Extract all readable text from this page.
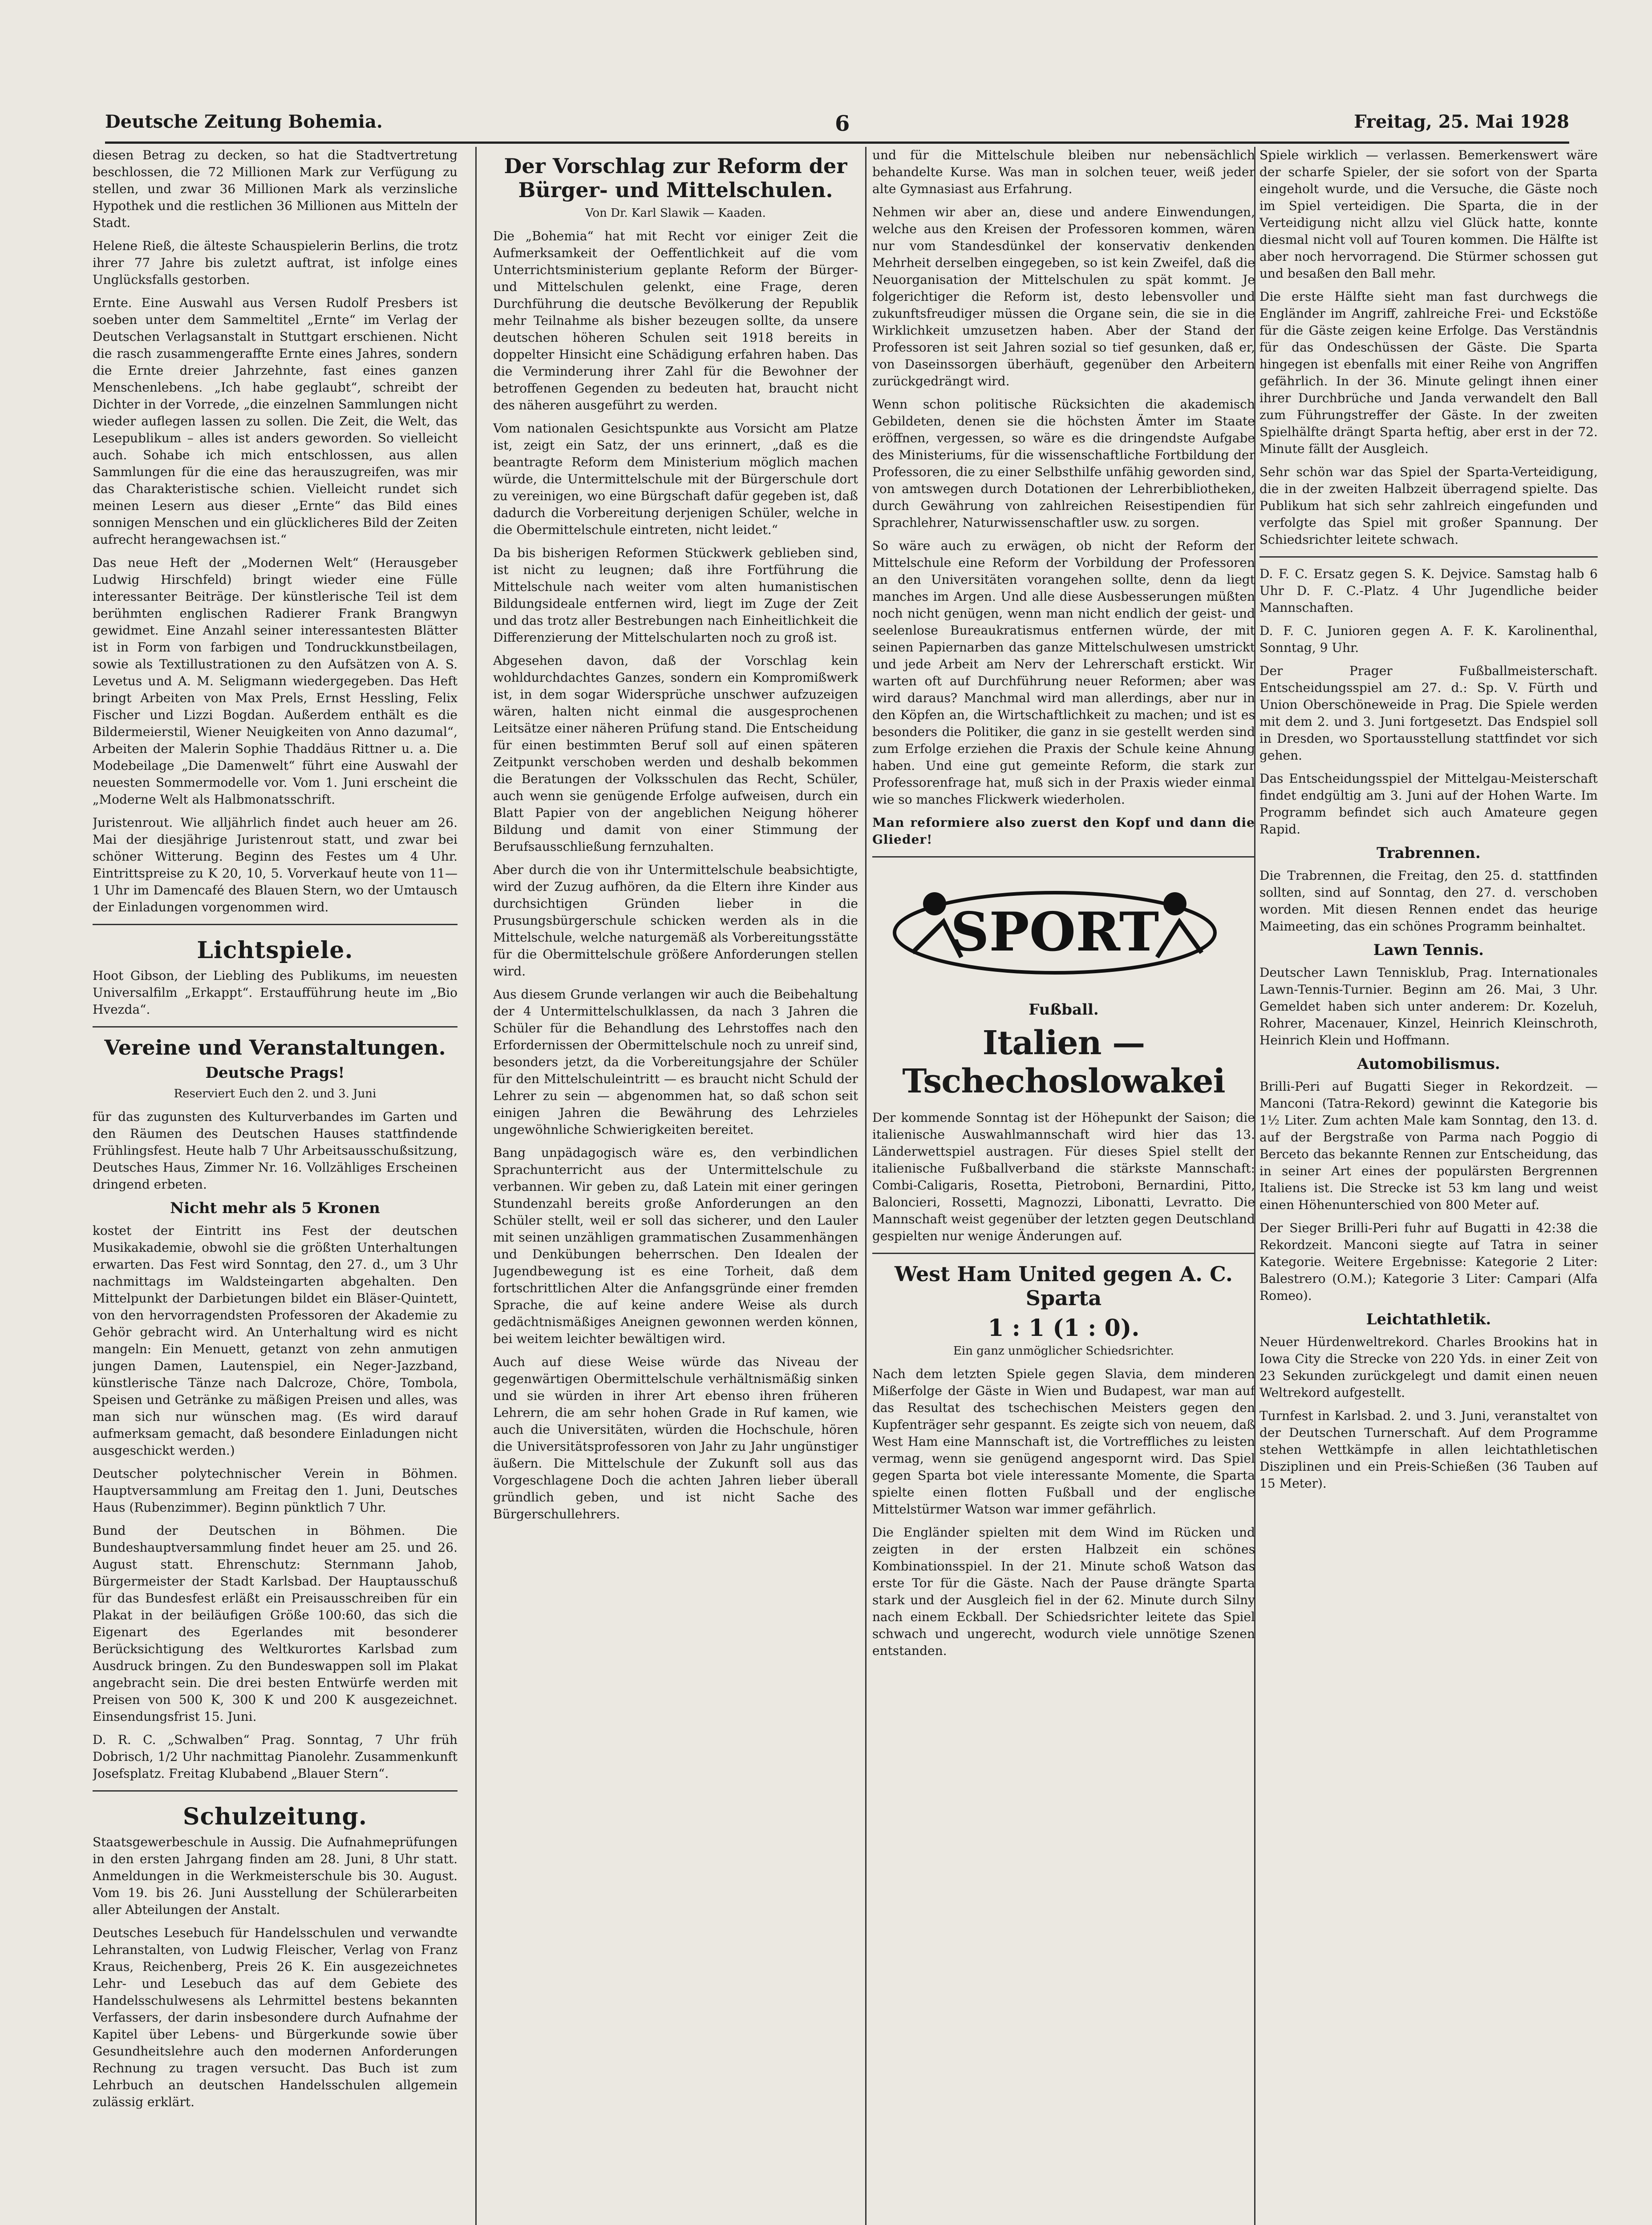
Deutsche Zeitung Bohemia.	6	Freitag, 25. Mai 1928

diesen Betrag zu decken, so hat die Stadtvertretung beschlossen, die 72 Millionen Mark zur Verfügung zu stellen, und zwar 36 Millionen Mark als verzinsliche Hypothek und die restlichen 36 Millionen aus Mitteln der Stadt.

Helene Rieß, die älteste Schauspielerin Berlins, die trotz ihrer 77 Jahre bis zuletzt auftrat, ist infolge eines Unglücksfalls gestorben.

Ernte. Eine Auswahl aus Versen Rudolf Presbers ist soeben unter dem Sammeltitel „Ernte“ im Verlag der Deutschen Verlagsanstalt in Stuttgart erschienen. Nicht die rasch zusammengeraffte Ernte eines Jahres, sondern die Ernte dreier Jahrzehnte, fast eines ganzen Menschenlebens. „Ich habe geglaubt“, schreibt der Dichter in der Vorrede, „die einzelnen Sammlungen nicht wieder auflegen lassen zu sollen. Die Zeit, die Welt, das Lesepublikum – alles ist anders geworden. So vielleicht auch. Sohabe ich mich entschlossen, aus allen Sammlungen für die eine das herauszugreifen, was mir das Charakteristische schien. Vielleicht rundet sich meinen Lesern aus dieser „Ernte“ das Bild eines sonnigen Menschen und ein glücklicheres Bild der Zeiten aufrecht herangewachsen ist.“

Das neue Heft der „Modernen Welt“ (Herausgeber Ludwig Hirschfeld) bringt wieder eine Fülle interessanter Beiträge. Der künstlerische Teil ist dem berühmten englischen Radierer Frank Brangwyn gewidmet. Eine Anzahl seiner interessantesten Blätter ist in Form von farbigen und Tondruckkunstbeilagen, sowie als Textillustrationen zu den Aufsätzen von A. S. Levetus und A. M. Seligmann wiedergegeben. Das Heft bringt Arbeiten von Max Prels, Ernst Hessling, Felix Fischer und Lizzi Bogdan. Außerdem enthält es die Bildermeierstil, Wiener Neuigkeiten von Anno dazumal“, Arbeiten der Malerin Sophie Thaddäus Rittner u. a. Die Modebeilage „Die Damenwelt“ führt eine Auswahl der neuesten Sommermodelle vor. Vom 1. Juni erscheint die „Moderne Welt als Halbmonatsschrift.

Juristenrout. Wie alljährlich findet auch heuer am 26. Mai der diesjährige Juristenrout statt, und zwar bei schöner Witterung. Beginn des Festes um 4 Uhr. Eintrittspreise zu K 20, 10, 5. Vorverkauf heute von 11—1 Uhr im Damencafé des Blauen Stern, wo der Umtausch der Einladungen vorgenommen wird.

Lichtspiele.

Hoot Gibson, der Liebling des Publikums, im neuesten Universalfilm „Erkappt“. Erstaufführung heute im „Bio Hvezda“.

Vereine und Veranstaltungen.
Deutsche Prags!
Reserviert Euch den 2. und 3. Juni

für das zugunsten des Kulturverbandes im Garten und den Räumen des Deutschen Hauses stattfindende Frühlingsfest. Heute halb 7 Uhr Arbeitsausschußsitzung, Deutsches Haus, Zimmer Nr. 16. Vollzähliges Erscheinen dringend erbeten.

Nicht mehr als 5 Kronen

kostet der Eintritt ins Fest der deutschen Musikakademie, obwohl sie die größten Unterhaltungen erwarten. Das Fest wird Sonntag, den 27. d., um 3 Uhr nachmittags im Waldsteingarten abgehalten. Den Mittelpunkt der Darbietungen bildet ein Bläser-Quintett, von den hervorragendsten Professoren der Akademie zu Gehör gebracht wird. An Unterhaltung wird es nicht mangeln: Ein Menuett, getanzt von zehn anmutigen jungen Damen, Lautenspiel, ein Neger-Jazzband, künstlerische Tänze nach Dalcroze, Chöre, Tombola, Speisen und Getränke zu mäßigen Preisen und alles, was man sich nur wünschen mag. (Es wird darauf aufmerksam gemacht, daß besondere Einladungen nicht ausgeschickt werden.)

Deutscher polytechnischer Verein in Böhmen. Hauptversammlung am Freitag den 1. Juni, Deutsches Haus (Rubenzimmer). Beginn pünktlich 7 Uhr.

Bund der Deutschen in Böhmen. Die Bundeshauptversammlung findet heuer am 25. und 26. August statt. Ehrenschutz: Sternmann Jahob, Bürgermeister der Stadt Karlsbad. Der Hauptausschuß für das Bundesfest erläßt ein Preisausschreiben für ein Plakat in der beiläufigen Größe 100:60, das sich die Eigenart des Egerlandes mit besonderer Berücksichtigung des Weltkurortes Karlsbad zum Ausdruck bringen. Zu den Bundeswappen soll im Plakat angebracht sein. Die drei besten Entwürfe werden mit Preisen von 500 K, 300 K und 200 K ausgezeichnet. Einsendungsfrist 15. Juni.

D. R. C. „Schwalben“ Prag. Sonntag, 7 Uhr früh Dobrisch, 1/2 Uhr nachmittag Pianolehr. Zusammenkunft Josefsplatz. Freitag Klubabend „Blauer Stern“.

Schulzeitung.

Staatsgewerbeschule in Aussig. Die Aufnahmeprüfungen in den ersten Jahrgang finden am 28. Juni, 8 Uhr statt. Anmeldungen in die Werkmeisterschule bis 30. August. Vom 19. bis 26. Juni Ausstellung der Schülerarbeiten aller Abteilungen der Anstalt.

Deutsches Lesebuch für Handelsschulen und verwandte Lehranstalten, von Ludwig Fleischer, Verlag von Franz Kraus, Reichenberg, Preis 26 K. Ein ausgezeichnetes Lehr- und Lesebuch das auf dem Gebiete des Handelsschulwesens als Lehrmittel bestens bekannten Verfassers, der darin insbesondere durch Aufnahme der Kapitel über Lebens- und Bürgerkunde sowie über Gesundheitslehre auch den modernen Anforderungen Rechnung zu tragen versucht. Das Buch ist zum Lehrbuch an deutschen Handelsschulen allgemein zulässig erklärt.

Der Vorschlag zur Reform der Bürger- und Mittelschulen.
Von Dr. Karl Slawik — Kaaden.

Die „Bohemia“ hat mit Recht vor einiger Zeit die Aufmerksamkeit der Oeffentlichkeit auf die vom Unterrichtsministerium geplante Reform der Bürger- und Mittelschulen gelenkt, eine Frage, deren Durchführung die deutsche Bevölkerung der Republik mehr Teilnahme als bisher bezeugen sollte, da unsere deutschen höheren Schulen seit 1918 bereits in doppelter Hinsicht eine Schädigung erfahren haben. Das die Verminderung ihrer Zahl für die Bewohner der betroffenen Gegenden zu bedeuten hat, braucht nicht des näheren ausgeführt zu werden.

Vom nationalen Gesichtspunkte aus Vorsicht am Platze ist, zeigt ein Satz, der uns erinnert, „daß es die beantragte Reform dem Ministerium möglich machen würde, die Untermittelschule mit der Bürgerschule dort zu vereinigen, wo eine Bürgschaft dafür gegeben ist, daß dadurch die Vorbereitung derjenigen Schüler, welche in die Obermittelschule eintreten, nicht leidet.“

Da bis bisherigen Reformen Stückwerk geblieben sind, ist nicht zu leugnen; daß ihre Fortführung die Mittelschule nach weiter vom alten humanistischen Bildungsideale entfernen wird, liegt im Zuge der Zeit und das trotz aller Bestrebungen nach Einheitlichkeit die Differenzierung der Mittelschularten noch zu groß ist.

Abgesehen davon, daß der Vorschlag kein wohldurchdachtes Ganzes, sondern ein Kompromißwerk ist, in dem sogar Widersprüche unschwer aufzuzeigen wären, halten nicht einmal die ausgesprochenen Leitsätze einer näheren Prüfung stand. Die Entscheidung für einen bestimmten Beruf soll auf einen späteren Zeitpunkt verschoben werden und deshalb bekommen die Beratungen der Volksschulen das Recht, Schüler, auch wenn sie genügende Erfolge aufweisen, durch ein Blatt Papier von der angeblichen Neigung höherer Bildung und damit von einer Stimmung der Berufsausschließung fernzuhalten.

Aber durch die von ihr Untermittelschule beabsichtigte, wird der Zuzug aufhören, da die Eltern ihre Kinder aus durchsichtigen Gründen lieber in die Prusungsbürgerschule schicken werden als in die Mittelschule, welche naturgemäß als Vorbereitungsstätte für die Obermittelschule größere Anforderungen stellen wird.

Aus diesem Grunde verlangen wir auch die Beibehaltung der 4 Untermittelschulklassen, da nach 3 Jahren die Schüler für die Behandlung des Lehrstoffes nach den Erfordernissen der Obermittelschule noch zu unreif sind, besonders jetzt, da die Vorbereitungsjahre der Schüler für den Mittelschuleintritt — es braucht nicht Schuld der Lehrer zu sein — abgenommen hat, so daß schon seit einigen Jahren die Bewährung des Lehrzieles ungewöhnliche Schwierigkeiten bereitet.

Bang unpädagogisch wäre es, den verbindlichen Sprachunterricht aus der Untermittelschule zu verbannen. Wir geben zu, daß Latein mit einer geringen Stundenzahl bereits große Anforderungen an den Schüler stellt, weil er soll das sicherer, und den Lauler mit seinen unzähligen grammatischen Zusammenhängen und Denkübungen beherrschen. Den Idealen der Jugendbewegung ist es eine Torheit, daß dem fortschrittlichen Alter die Anfangsgründe einer fremden Sprache, die auf keine andere Weise als durch gedächtnismäßiges Aneignen gewonnen werden können, bei weitem leichter bewältigen wird.

Auch auf diese Weise würde das Niveau der gegenwärtigen Obermittelschule verhältnismäßig sinken und sie würden in ihrer Art ebenso ihren früheren Lehrern, die am sehr hohen Grade in Ruf kamen, wie auch die Universitäten, würden die Hochschule, hören die Universitätsprofessoren von Jahr zu Jahr ungünstiger äußern. Die Mittelschule der Zukunft soll aus das Vorgeschlagene Doch die achten Jahren lieber überall gründlich geben, und ist nicht Sache des Bürgerschullehrers.

und für die Mittelschule bleiben nur nebensächlich behandelte Kurse. Was man in solchen teuer, weiß jeder alte Gymnasiast aus Erfahrung.

Nehmen wir aber an, diese und andere Einwendungen, welche aus den Kreisen der Professoren kommen, wären nur vom Standesdünkel der konservativ denkenden Mehrheit derselben eingegeben, so ist kein Zweifel, daß die Neuorganisation der Mittelschulen zu spät kommt. Je folgerichtiger die Reform ist, desto lebensvoller und zukunftsfreudiger müssen die Organe sein, die sie in die Wirklichkeit umzusetzen haben. Aber der Stand der Professoren ist seit Jahren sozial so tief gesunken, daß er, von Daseinssorgen überhäuft, gegenüber den Arbeitern zurückgedrängt wird.

Wenn schon politische Rücksichten die akademisch Gebildeten, denen sie die höchsten Ämter im Staate eröffnen, vergessen, so wäre es die dringendste Aufgabe des Ministeriums, für die wissenschaftliche Fortbildung der Professoren, die zu einer Selbsthilfe unfähig geworden sind, von amtswegen durch Dotationen der Lehrerbibliotheken, durch Gewährung von zahlreichen Reisestipendien für Sprachlehrer, Naturwissenschaftler usw. zu sorgen.

So wäre auch zu erwägen, ob nicht der Reform der Mittelschule eine Reform der Vorbildung der Professoren an den Universitäten vorangehen sollte, denn da liegt manches im Argen. Und alle diese Ausbesserungen müßten noch nicht genügen, wenn man nicht endlich der geist- und seelenlose Bureaukratismus entfernen würde, der mit seinen Papiernarben das ganze Mittelschulwesen umstrickt und jede Arbeit am Nerv der Lehrerschaft erstickt. Wir warten oft auf Durchführung neuer Reformen; aber was wird daraus? Manchmal wird man allerdings, aber nur in den Köpfen an, die Wirtschaftlichkeit zu machen; und ist es besonders die Politiker, die ganz in sie gestellt werden sind zum Erfolge erziehen die Praxis der Schule keine Ahnung haben. Und eine gut gemeinte Reform, die stark zur Professorenfrage hat, muß sich in der Praxis wieder einmal wie so manches Flickwerk wiederholen.

Man reformiere also zuerst den Kopf und dann die Glieder!

SPORT
Fußball.
Italien — Tschechoslowakei

Der kommende Sonntag ist der Höhepunkt der Saison; die italienische Auswahlmannschaft wird hier das 13. Länderwettspiel austragen. Für dieses Spiel stellt der italienische Fußballverband die stärkste Mannschaft: Combi-Caligaris, Rosetta, Pietroboni, Bernardini, Pitto, Baloncieri, Rossetti, Magnozzi, Libonatti, Levratto. Die Mannschaft weist gegenüber der letzten gegen Deutschland gespielten nur wenige Änderungen auf.

West Ham United gegen A. C. Sparta
1 : 1 (1 : 0).
Ein ganz unmöglicher Schiedsrichter.

Nach dem letzten Spiele gegen Slavia, dem minderen Mißerfolge der Gäste in Wien und Budapest, war man auf das Resultat des tschechischen Meisters gegen den Kupfenträger sehr gespannt. Es zeigte sich von neuem, daß West Ham eine Mannschaft ist, die Vortreffliches zu leisten vermag, wenn sie genügend angespornt wird. Das Spiel gegen Sparta bot viele interessante Momente, die Sparta spielte einen flotten Fußball und der englische Mittelstürmer Watson war immer gefährlich.

Die Engländer spielten mit dem Wind im Rücken und zeigten in der ersten Halbzeit ein schönes Kombinationsspiel. In der 21. Minute schoß Watson das erste Tor für die Gäste. Nach der Pause drängte Sparta stark und der Ausgleich fiel in der 62. Minute durch Silny nach einem Eckball. Der Schiedsrichter leitete das Spiel schwach und ungerecht, wodurch viele unnötige Szenen entstanden.

Spiele wirklich — verlassen. Bemerkenswert wäre der scharfe Spieler, der sie sofort von der Sparta eingeholt wurde, und die Versuche, die Gäste noch im Spiel verteidigen. Die Sparta, die in der Verteidigung nicht allzu viel Glück hatte, konnte diesmal nicht voll auf Touren kommen. Die Hälfte ist aber noch hervorragend. Die Stürmer schossen gut und besaßen den Ball mehr.

Die erste Hälfte sieht man fast durchwegs die Engländer im Angriff, zahlreiche Frei- und Eckstöße für die Gäste zeigen keine Erfolge. Das Verständnis für das Ondeschüssen der Gäste. Die Sparta hingegen ist ebenfalls mit einer Reihe von Angriffen gefährlich. In der 36. Minute gelingt ihnen einer ihrer Durchbrüche und Janda verwandelt den Ball zum Führungstreffer der Gäste. In der zweiten Spielhälfte drängt Sparta heftig, aber erst in der 72. Minute fällt der Ausgleich.

Sehr schön war das Spiel der Sparta-Verteidigung, die in der zweiten Halbzeit überragend spielte. Das Publikum hat sich sehr zahlreich eingefunden und verfolgte das Spiel mit großer Spannung. Der Schiedsrichter leitete schwach.

D. F. C. Ersatz gegen S. K. Dejvice. Samstag halb 6 Uhr D. F. C.-Platz. 4 Uhr Jugendliche beider Mannschaften.

D. F. C. Junioren gegen A. F. K. Karolinenthal, Sonntag, 9 Uhr.

Der Prager Fußballmeisterschaft. Entscheidungsspiel am 27. d.: Sp. V. Fürth und Union Oberschöneweide in Prag. Die Spiele werden mit dem 2. und 3. Juni fortgesetzt. Das Endspiel soll in Dresden, wo Sportausstellung stattfindet vor sich gehen.

Das Entscheidungsspiel der Mittelgau-Meisterschaft findet endgültig am 3. Juni auf der Hohen Warte. Im Programm befindet sich auch Amateure gegen Rapid.

Trabrennen.

Die Trabrennen, die Freitag, den 25. d. stattfinden sollten, sind auf Sonntag, den 27. d. verschoben worden. Mit diesen Rennen endet das heurige Maimeeting, das ein schönes Programm beinhaltet.

Lawn Tennis.

Deutscher Lawn Tennisklub, Prag. Internationales Lawn-Tennis-Turnier. Beginn am 26. Mai, 3 Uhr. Gemeldet haben sich unter anderem: Dr. Kozeluh, Rohrer, Macenauer, Kinzel, Heinrich Kleinschroth, Heinrich Klein und Hoffmann.

Automobilismus.

Brilli-Peri auf Bugatti Sieger in Rekordzeit. — Manconi (Tatra-Rekord) gewinnt die Kategorie bis 1½ Liter. Zum achten Male kam Sonntag, den 13. d. auf der Bergstraße von Parma nach Poggio di Berceto das bekannte Rennen zur Entscheidung, das in seiner Art eines der populärsten Bergrennen Italiens ist. Die Strecke ist 53 km lang und weist einen Höhenunterschied von 800 Meter auf.

Der Sieger Brilli-Peri fuhr auf Bugatti in 42:38 die Rekordzeit. Manconi siegte auf Tatra in seiner Kategorie. Weitere Ergebnisse: Kategorie 2 Liter: Balestrero (O.M.); Kategorie 3 Liter: Campari (Alfa Romeo).

Leichtathletik.

Neuer Hürdenweltrekord. Charles Brookins hat in Iowa City die Strecke von 220 Yds. in einer Zeit von 23 Sekunden zurückgelegt und damit einen neuen Weltrekord aufgestellt.

Turnfest in Karlsbad. 2. und 3. Juni, veranstaltet von der Deutschen Turnerschaft. Auf dem Programme stehen Wettkämpfe in allen leichtathletischen Disziplinen und ein Preis-Schießen (36 Tauben auf 15 Meter).
